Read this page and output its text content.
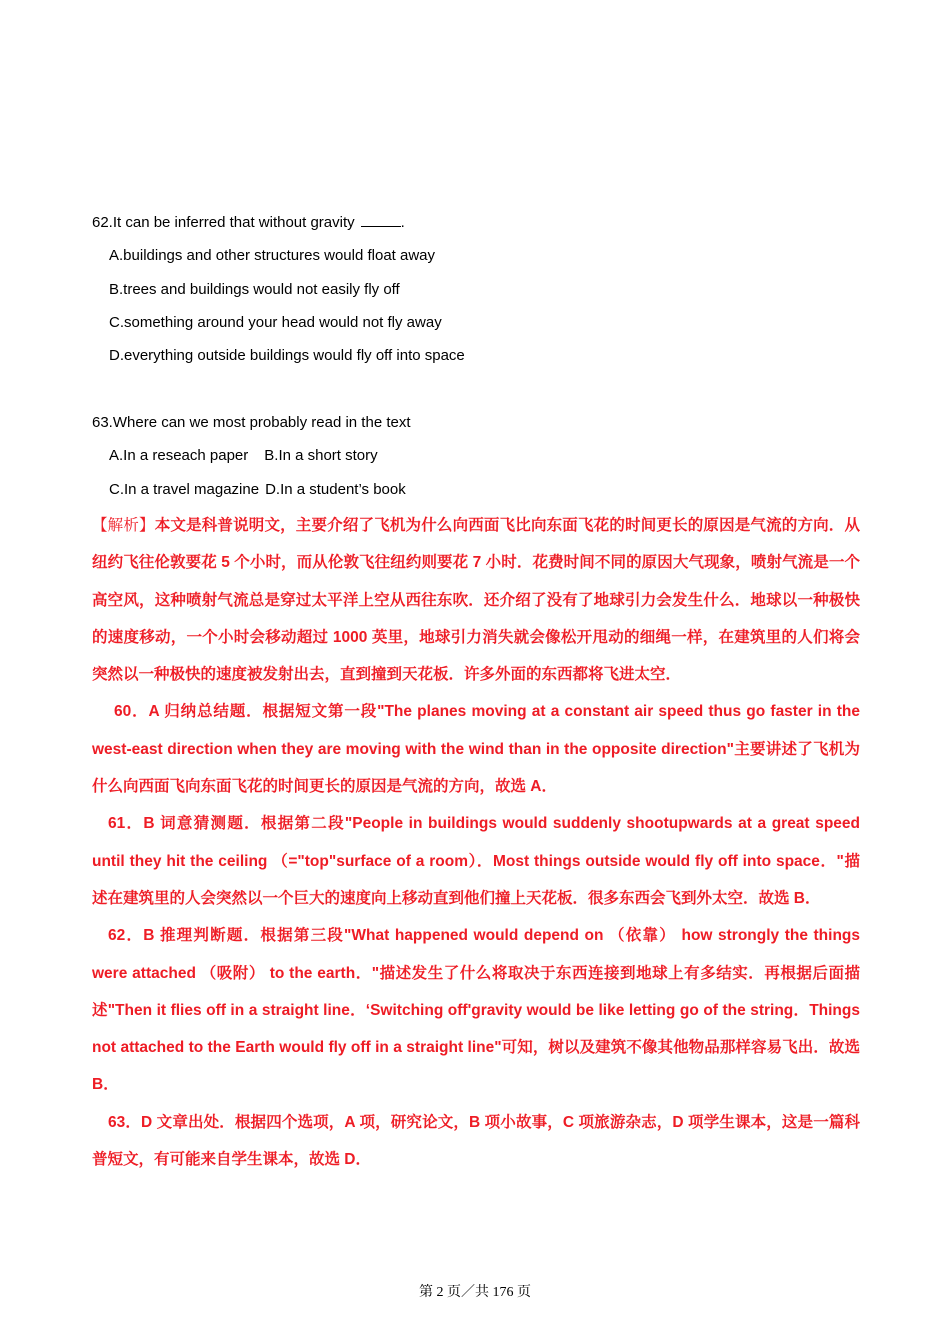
62.It can be inferred that without gravity	.
A.buildings and other structures would float away
B.trees and buildings would not easily fly off
C.something around your head would not fly away
D.everything outside buildings would fly off into space
63.Where can we most probably read in the text
A.In a reseach paper B.In a short story
C.In a travel magazine D.In a student’s book

【解析】本文是科普说明文，主要介绍了飞机为什么向西面飞比向东面飞花的时间更长的原因是气流的方向．从纽约飞往伦敦要花 5 个小时，而从伦敦飞往纽约则要花 7 小时．花费时间不同的原因大气现象，喷射气流是一个高空风，这种喷射气流总是穿过太平洋上空从西往东吹．还介绍了没有了地球引力会发生什么．地球以一种极快的速度移动，一个小时会移动超过 1000 英里，地球引力消失就会像松开甩动的细绳一样，在建筑里的人们将会突然以一种极快的速度被发射出去，直到撞到天花板．许多外面的东西都将飞进太空．

60．A 归纳总结题．根据短文第一段"The planes moving at a constant air speed thus go faster in the west-east direction when they are moving with the wind than in the opposite direction"主要讲述了飞机为什么向西面飞向东面飞花的时间更长的原因是气流的方向，故选 A．

61．B 词意猜测题．根据第二段"People in buildings would suddenly shootupwards at a great speed until they hit the ceiling （="top"surface of a room）．Most things outside would fly off into space．"描述在建筑里的人会突然以一个巨大的速度向上移动直到他们撞上天花板．很多东西会飞到外太空．故选 B．

62．B 推理判断题．根据第三段"What happened would depend on （依靠） how strongly the things were attached （吸附） to the earth．"描述发生了什么将取决于东西连接到地球上有多结实．再根据后面描述"Then it flies off in a straight line．‘Switching off'gravity would be like letting go of the string．Things not attached to the Earth would fly off in a straight line"可知，树以及建筑不像其他物品那样容易飞出．故选 B．

63．D 文章出处．根据四个选项，A 项，研究论文，B 项小故事，C 项旅游杂志，D 项学生课本，这是一篇科普短文，有可能来自学生课本，故选 D．

第 2 页／共 176 页
